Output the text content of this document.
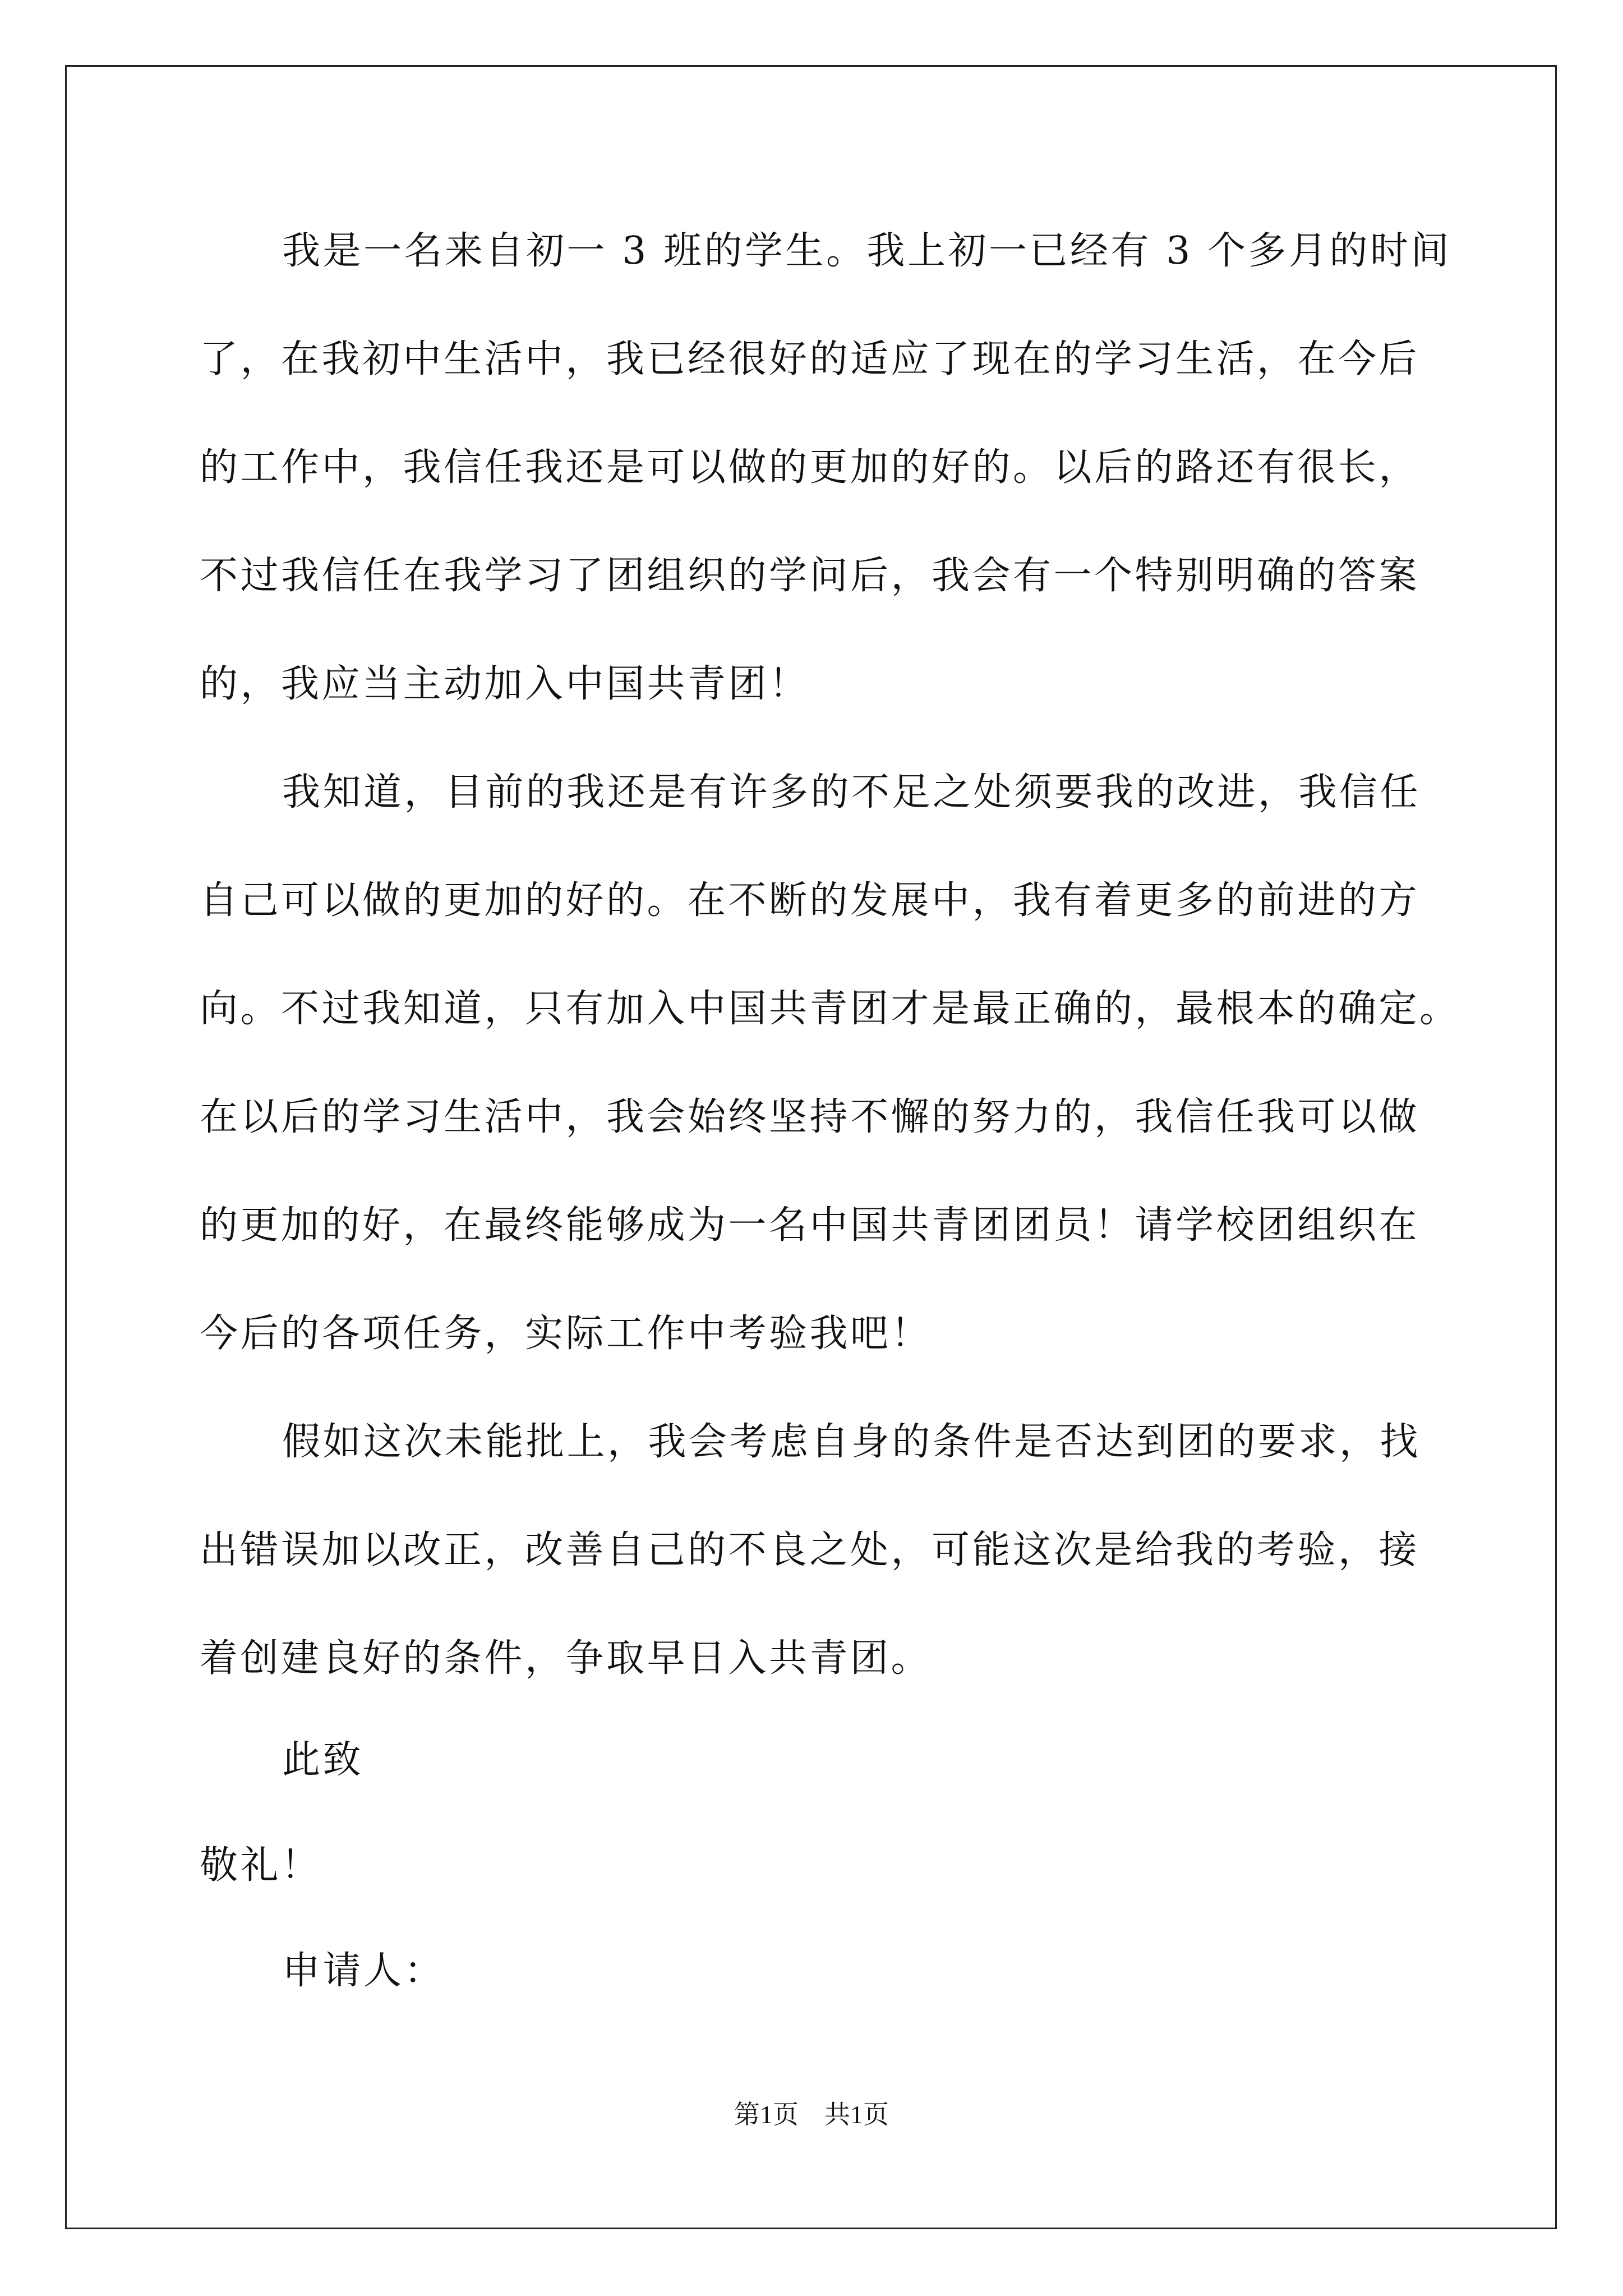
我是一名来自初一 3 班的学生。我上初一已经有 3 个多月的时间
了，在我初中生活中，我已经很好的适应了现在的学习生活，在今后
的工作中，我信任我还是可以做的更加的好的。以后的路还有很长，
不过我信任在我学习了团组织的学问后，我会有一个特别明确的答案
的，我应当主动加入中国共青团！
我知道，目前的我还是有许多的不足之处须要我的改进，我信任
自己可以做的更加的好的。在不断的发展中，我有着更多的前进的方
向。不过我知道，只有加入中国共青团才是最正确的，最根本的确定。
在以后的学习生活中，我会始终坚持不懈的努力的，我信任我可以做
的更加的好，在最终能够成为一名中国共青团团员！请学校团组织在
今后的各项任务，实际工作中考验我吧！
假如这次未能批上，我会考虑自身的条件是否达到团的要求，找
出错误加以改正，改善自己的不良之处，可能这次是给我的考验，接
着创建良好的条件，争取早日入共青团。
此致
敬礼！
申请人：
第1页　共1页
